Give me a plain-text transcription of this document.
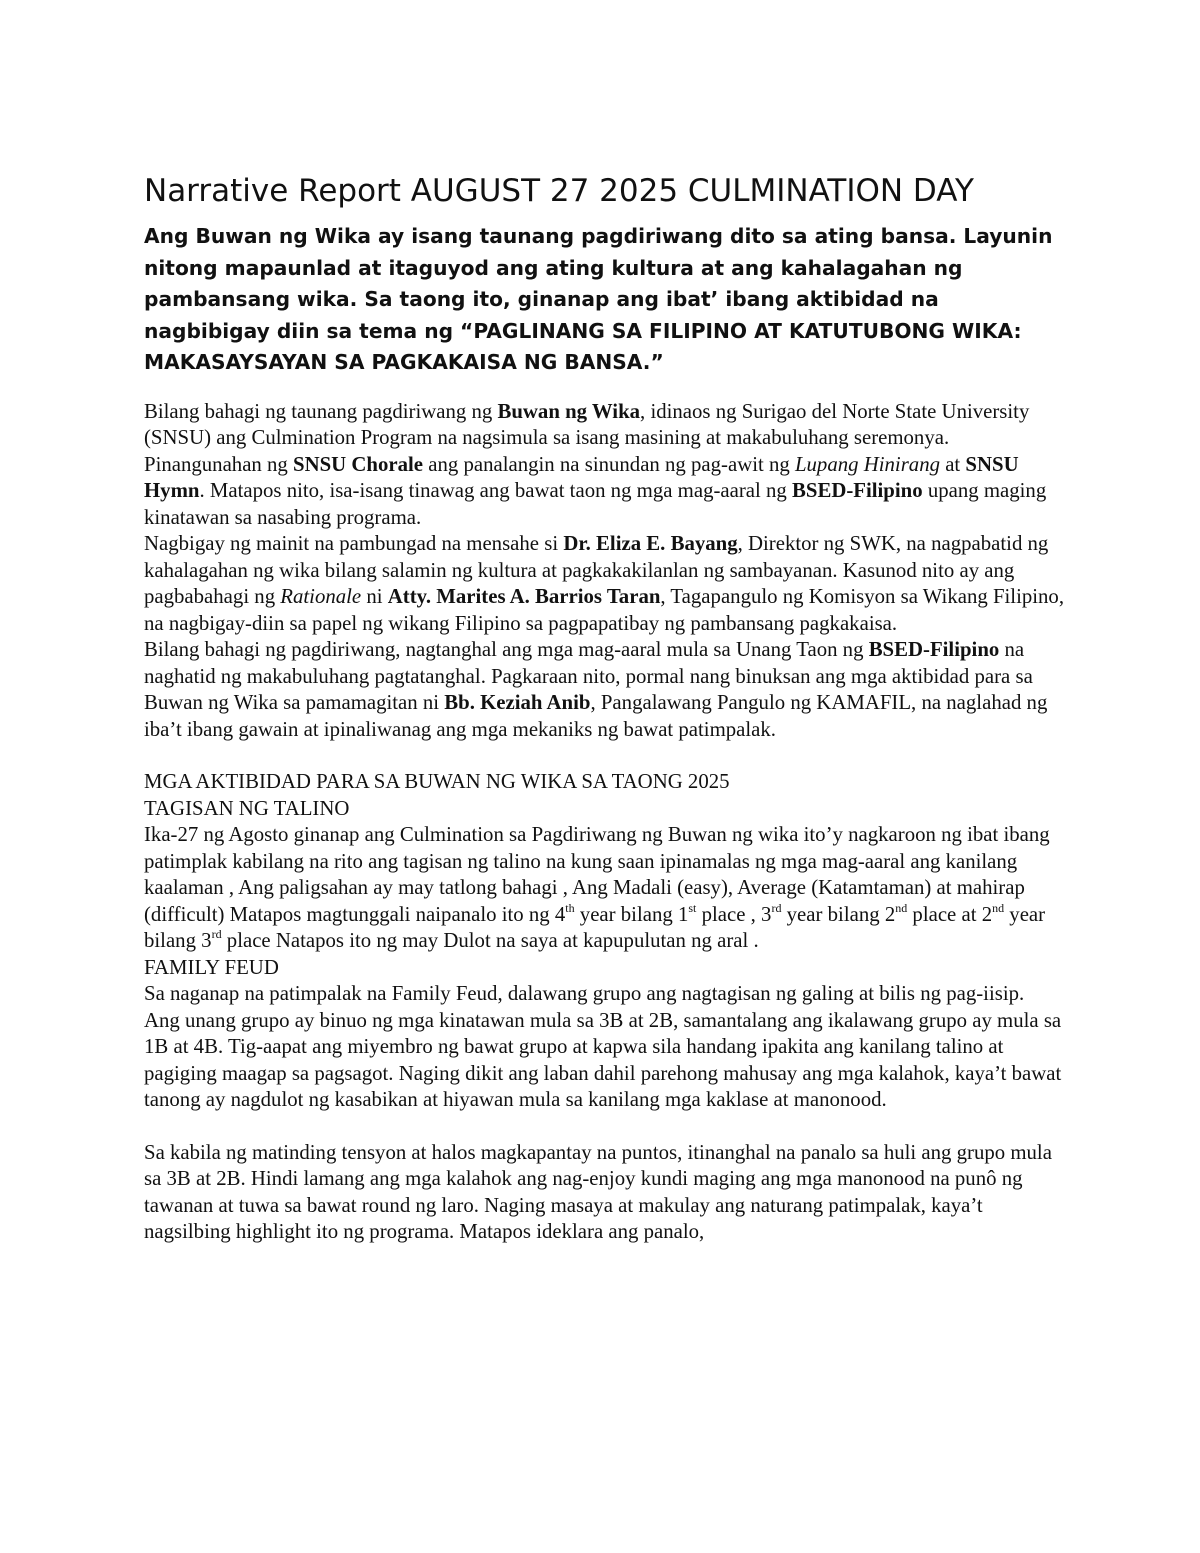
Narrative Report AUGUST 27 2025 CULMINATION DAY

Ang Buwan ng Wika ay isang taunang pagdiriwang dito sa ating bansa. Layunin nitong mapaunlad at itaguyod ang ating kultura at ang kahalagahan ng pambansang wika. Sa taong ito, ginanap ang ibat’ ibang aktibidad na nagbibigay diin sa tema ng “PAGLINANG SA FILIPINO AT KATUTUBONG WIKA: MAKASAYSAYAN SA PAGKAKAISA NG BANSA.”

Bilang bahagi ng taunang pagdiriwang ng Buwan ng Wika, idinaos ng Surigao del Norte State University (SNSU) ang Culmination Program na nagsimula sa isang masining at makabuluhang seremonya. Pinangunahan ng SNSU Chorale ang panalangin na sinundan ng pag-awit ng Lupang Hinirang at SNSU Hymn. Matapos nito, isa-isang tinawag ang bawat taon ng mga mag-aaral ng BSED-Filipino upang maging kinatawan sa nasabing programa.

Nagbigay ng mainit na pambungad na mensahe si Dr. Eliza E. Bayang, Direktor ng SWK, na nagpabatid ng kahalagahan ng wika bilang salamin ng kultura at pagkakakilanlan ng sambayanan. Kasunod nito ay ang pagbabahagi ng Rationale ni Atty. Marites A. Barrios Taran, Tagapangulo ng Komisyon sa Wikang Filipino, na nagbigay-diin sa papel ng wikang Filipino sa pagpapatibay ng pambansang pagkakaisa.

Bilang bahagi ng pagdiriwang, nagtanghal ang mga mag-aaral mula sa Unang Taon ng BSED-Filipino na naghatid ng makabuluhang pagtatanghal. Pagkaraan nito, pormal nang binuksan ang mga aktibidad para sa Buwan ng Wika sa pamamagitan ni Bb. Keziah Anib, Pangalawang Pangulo ng KAMAFIL, na naglahad ng iba’t ibang gawain at ipinaliwanag ang mga mekaniks ng bawat patimpalak.

MGA AKTIBIDAD PARA SA BUWAN NG WIKA SA TAONG 2025

TAGISAN NG TALINO

Ika-27 ng Agosto ginanap ang Culmination sa Pagdiriwang ng Buwan ng wika ito’y nagkaroon ng ibat ibang patimplak kabilang na rito ang tagisan ng talino na kung saan ipinamalas ng mga mag-aaral ang kanilang kaalaman , Ang paligsahan ay may tatlong bahagi , Ang Madali (easy), Average (Katamtaman) at mahirap (difficult) Matapos magtunggali naipanalo ito ng 4th year bilang 1st place , 3rd year bilang 2nd place at 2nd year bilang 3rd place Natapos ito ng may Dulot na saya at kapupulutan ng aral .

FAMILY FEUD

Sa naganap na patimpalak na Family Feud, dalawang grupo ang nagtagisan ng galing at bilis ng pag-iisip. Ang unang grupo ay binuo ng mga kinatawan mula sa 3B at 2B, samantalang ang ikalawang grupo ay mula sa 1B at 4B. Tig-aapat ang miyembro ng bawat grupo at kapwa sila handang ipakita ang kanilang talino at pagiging maagap sa pagsagot. Naging dikit ang laban dahil parehong mahusay ang mga kalahok, kaya’t bawat tanong ay nagdulot ng kasabikan at hiyawan mula sa kanilang mga kaklase at manonood.

Sa kabila ng matinding tensyon at halos magkapantay na puntos, itinanghal na panalo sa huli ang grupo mula sa 3B at 2B. Hindi lamang ang mga kalahok ang nag-enjoy kundi maging ang mga manonood na punô ng tawanan at tuwa sa bawat round ng laro. Naging masaya at makulay ang naturang patimpalak, kaya’t nagsilbing highlight ito ng programa. Matapos ideklara ang panalo,
